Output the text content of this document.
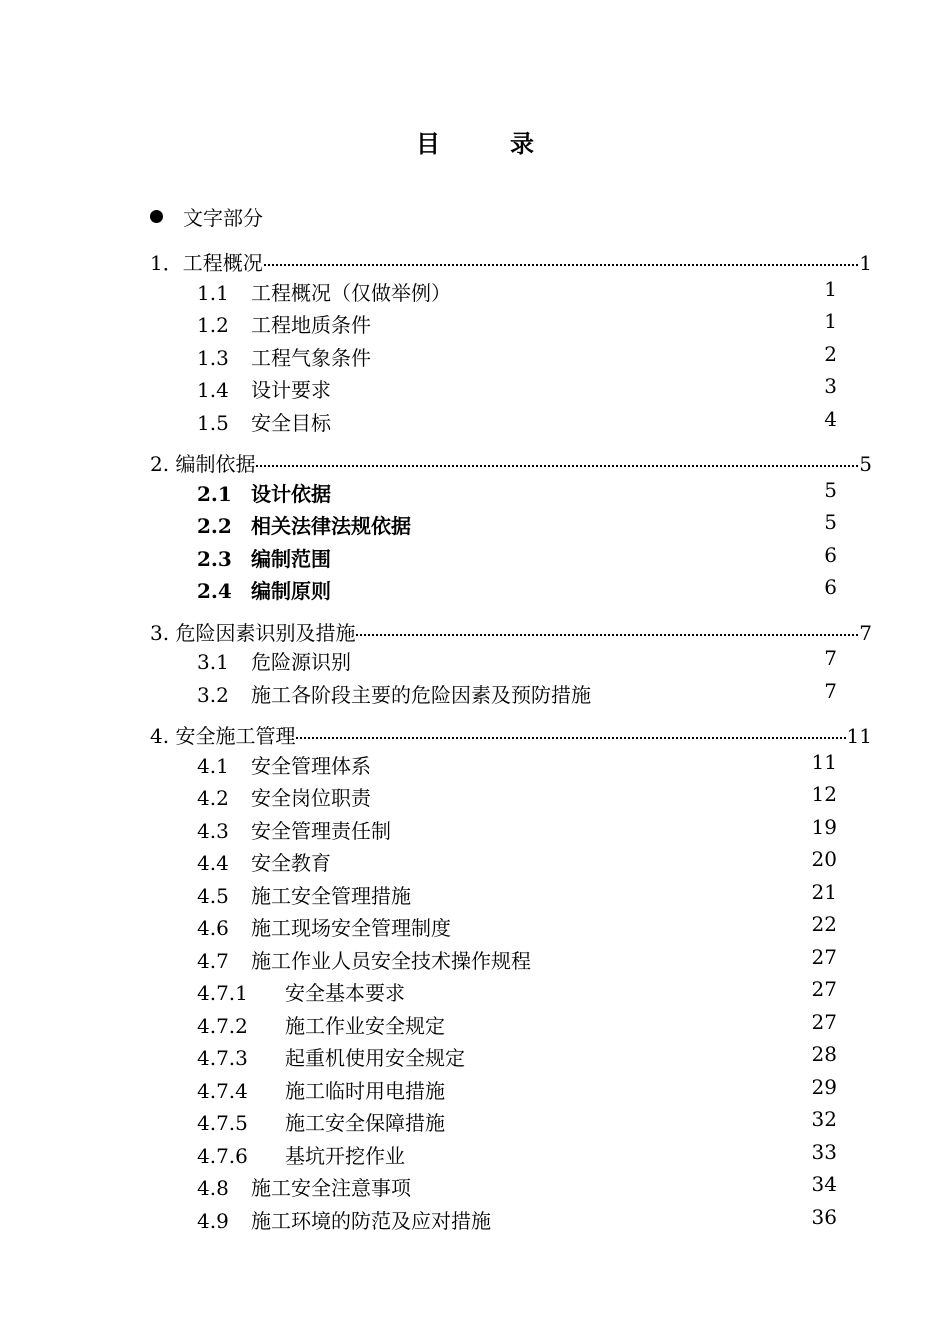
目	录
文字部分
1．工程概况	1
1.1 工程概况（仅做举例）	1
1.2 工程地质条件	1
1.3 工程气象条件	2
1.4 设计要求	3
1.5 安全目标	4
2. 编制依据	5
2.1 设计依据	5
2.2 相关法律法规依据	5
2.3 编制范围	6
2.4 编制原则	6
3. 危险因素识别及措施	7
3.1 危险源识别	7
3.2 施工各阶段主要的危险因素及预防措施	7
4. 安全施工管理	11
4.1 安全管理体系	11
4.2 安全岗位职责	12
4.3 安全管理责任制	19
4.4 安全教育	20
4.5 施工安全管理措施	21
4.6 施工现场安全管理制度	22
4.7 施工作业人员安全技术操作规程	27
4.7.1 安全基本要求	27
4.7.2 施工作业安全规定	27
4.7.3 起重机使用安全规定	28
4.7.4 施工临时用电措施	29
4.7.5 施工安全保障措施	32
4.7.6 基坑开挖作业	33
4.8 施工安全注意事项	34
4.9 施工环境的防范及应对措施	36
